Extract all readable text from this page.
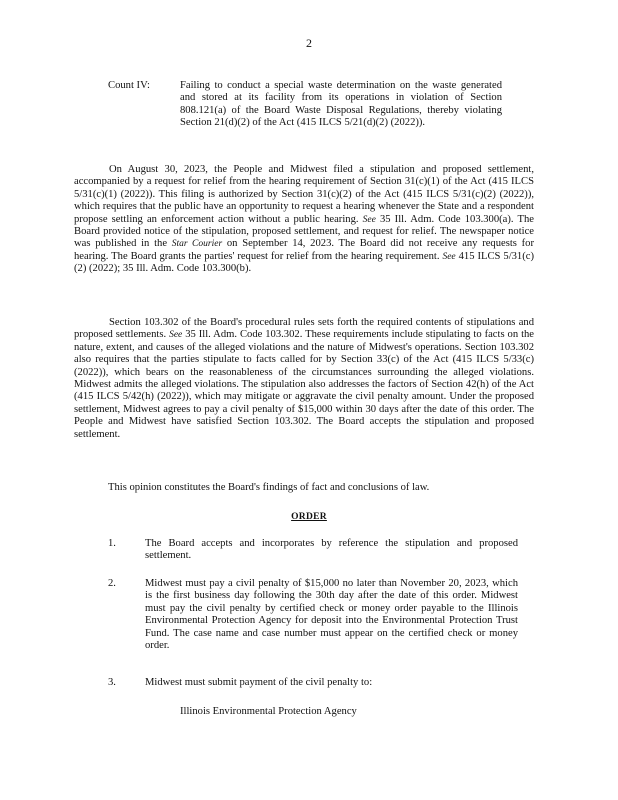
2
Count IV:	Failing to conduct a special waste determination on the waste generated and stored at its facility from its operations in violation of Section 808.121(a) of the Board Waste Disposal Regulations, thereby violating Section 21(d)(2) of the Act (415 ILCS 5/21(d)(2) (2022)).

On August 30, 2023, the People and Midwest filed a stipulation and proposed settlement, accompanied by a request for relief from the hearing requirement of Section 31(c)(1) of the Act (415 ILCS 5/31(c)(1) (2022)). This filing is authorized by Section 31(c)(2) of the Act (415 ILCS 5/31(c)(2) (2022)), which requires that the public have an opportunity to request a hearing whenever the State and a respondent propose settling an enforcement action without a public hearing. See 35 Ill. Adm. Code 103.300(a). The Board provided notice of the stipulation, proposed settlement, and request for relief. The newspaper notice was published in the Star Courier on September 14, 2023. The Board did not receive any requests for hearing. The Board grants the parties' request for relief from the hearing requirement. See 415 ILCS 5/31(c)(2) (2022); 35 Ill. Adm. Code 103.300(b).

Section 103.302 of the Board's procedural rules sets forth the required contents of stipulations and proposed settlements. See 35 Ill. Adm. Code 103.302. These requirements include stipulating to facts on the nature, extent, and causes of the alleged violations and the nature of Midwest's operations. Section 103.302 also requires that the parties stipulate to facts called for by Section 33(c) of the Act (415 ILCS 5/33(c) (2022)), which bears on the reasonableness of the circumstances surrounding the alleged violations. Midwest admits the alleged violations. The stipulation also addresses the factors of Section 42(h) of the Act (415 ILCS 5/42(h) (2022)), which may mitigate or aggravate the civil penalty amount. Under the proposed settlement, Midwest agrees to pay a civil penalty of $15,000 within 30 days after the date of this order. The People and Midwest have satisfied Section 103.302. The Board accepts the stipulation and proposed settlement.

This opinion constitutes the Board's findings of fact and conclusions of law.

ORDER
1.	The Board accepts and incorporates by reference the stipulation and proposed settlement.
2.	Midwest must pay a civil penalty of $15,000 no later than November 20, 2023, which is the first business day following the 30th day after the date of this order. Midwest must pay the civil penalty by certified check or money order payable to the Illinois Environmental Protection Agency for deposit into the Environmental Protection Trust Fund. The case name and case number must appear on the certified check or money order.
3.	Midwest must submit payment of the civil penalty to:
Illinois Environmental Protection Agency
